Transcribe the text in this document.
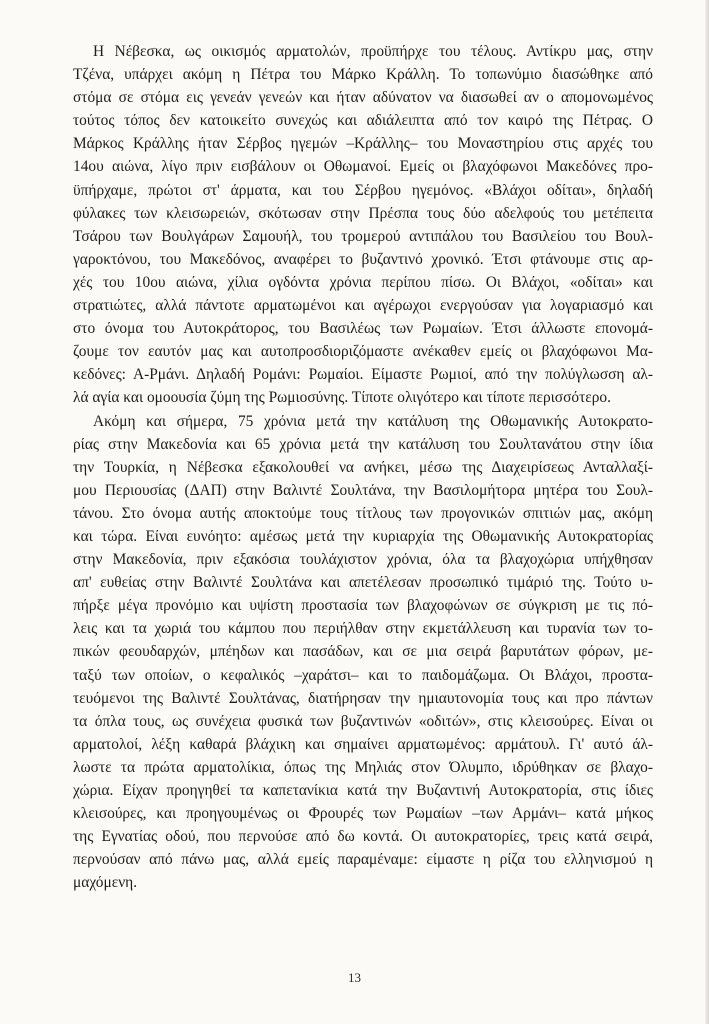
Η Νέβεσκα, ως οικισμός αρματολών, προϋπήρχε του τέλους. Αντίκρυ μας, στην
Τζένα, υπάρχει ακόμη η Πέτρα του Μάρκο Κράλλη. Το τοπωνύμιο διασώθηκε από
στόμα σε στόμα εις γενεάν γενεών και ήταν αδύνατον να διασωθεί αν ο απομονωμένος
τούτος τόπος δεν κατοικείτο συνεχώς και αδιάλειπτα από τον καιρό της Πέτρας. Ο
Μάρκος Κράλλης ήταν Σέρβος ηγεμών –Κράλλης– του Μοναστηρίου στις αρχές του
14ου αιώνα, λίγο πριν εισβάλουν οι Οθωμανοί. Εμείς οι βλαχόφωνοι Μακεδόνες προ-
ϋπήρχαμε, πρώτοι στ' άρματα, και του Σέρβου ηγεμόνος. «Βλάχοι οδίται», δηλαδή
φύλακες των κλεισωρειών, σκότωσαν στην Πρέσπα τους δύο αδελφούς του μετέπειτα
Τσάρου των Βουλγάρων Σαμουήλ, του τρομερού αντιπάλου του Βασιλείου του Βουλ-
γαροκτόνου, του Μακεδόνος, αναφέρει το βυζαντινό χρονικό. Έτσι φτάνουμε στις αρ-
χές του 10ου αιώνα, χίλια ογδόντα χρόνια περίπου πίσω. Οι Βλάχοι, «οδίται» και
στρατιώτες, αλλά πάντοτε αρματωμένοι και αγέρωχοι ενεργούσαν για λογαριασμό και
στο όνομα του Αυτοκράτορος, του Βασιλέως των Ρωμαίων. Έτσι άλλωστε επονομά-
ζουμε τον εαυτόν μας και αυτοπροσδιοριζόμαστε ανέκαθεν εμείς οι βλαχόφωνοι Μα-
κεδόνες: Α-Ρμάνι. Δηλαδή Ρομάνι: Ρωμαίοι. Είμαστε Ρωμιοί, από την πολύγλωσση αλ-
λά αγία και ομοουσία ζύμη της Ρωμιοσύνης. Τίποτε ολιγότερο και τίποτε περισσότερο.
Ακόμη και σήμερα, 75 χρόνια μετά την κατάλυση της Οθωμανικής Αυτοκρατο-
ρίας στην Μακεδονία και 65 χρόνια μετά την κατάλυση του Σουλτανάτου στην ίδια
την Τουρκία, η Νέβεσκα εξακολουθεί να ανήκει, μέσω της Διαχειρίσεως Ανταλλαξί-
μου Περιουσίας (ΔΑΠ) στην Βαλιντέ Σουλτάνα, την Βασιλομήτορα μητέρα του Σουλ-
τάνου. Στο όνομα αυτής αποκτούμε τους τίτλους των προγονικών σπιτιών μας, ακόμη
και τώρα. Είναι ευνόητο: αμέσως μετά την κυριαρχία της Οθωμανικής Αυτοκρατορίας
στην Μακεδονία, πριν εξακόσια τουλάχιστον χρόνια, όλα τα βλαχοχώρια υπήχθησαν
απ' ευθείας στην Βαλιντέ Σουλτάνα και απετέλεσαν προσωπικό τιμάριό της. Τούτο υ-
πήρξε μέγα προνόμιο και υψίστη προστασία των βλαχοφώνων σε σύγκριση με τις πό-
λεις και τα χωριά του κάμπου που περιήλθαν στην εκμετάλλευση και τυρανία των το-
πικών φεουδαρχών, μπέηδων και πασάδων, και σε μια σειρά βαρυτάτων φόρων, με-
ταξύ των οποίων, ο κεφαλικός –χαράτσι– και το παιδομάζωμα. Οι Βλάχοι, προστα-
τευόμενοι της Βαλιντέ Σουλτάνας, διατήρησαν την ημιαυτονομία τους και προ πάντων
τα όπλα τους, ως συνέχεια φυσικά των βυζαντινών «οδιτών», στις κλεισούρες. Είναι οι
αρματολοί, λέξη καθαρά βλάχικη και σημαίνει αρματωμένος: αρμάτουλ. Γι' αυτό άλ-
λωστε τα πρώτα αρματολίκια, όπως της Μηλιάς στον Όλυμπο, ιδρύθηκαν σε βλαχο-
χώρια. Είχαν προηγηθεί τα καπετανίκια κατά την Βυζαντινή Αυτοκρατορία, στις ίδιες
κλεισούρες, και προηγουμένως οι Φρουρές των Ρωμαίων –των Αρμάνι– κατά μήκος
της Εγνατίας οδού, που περνούσε από δω κοντά. Οι αυτοκρατορίες, τρεις κατά σειρά,
περνούσαν από πάνω μας, αλλά εμείς παραμέναμε: είμαστε η ρίζα του ελληνισμού η
μαχόμενη.
13
